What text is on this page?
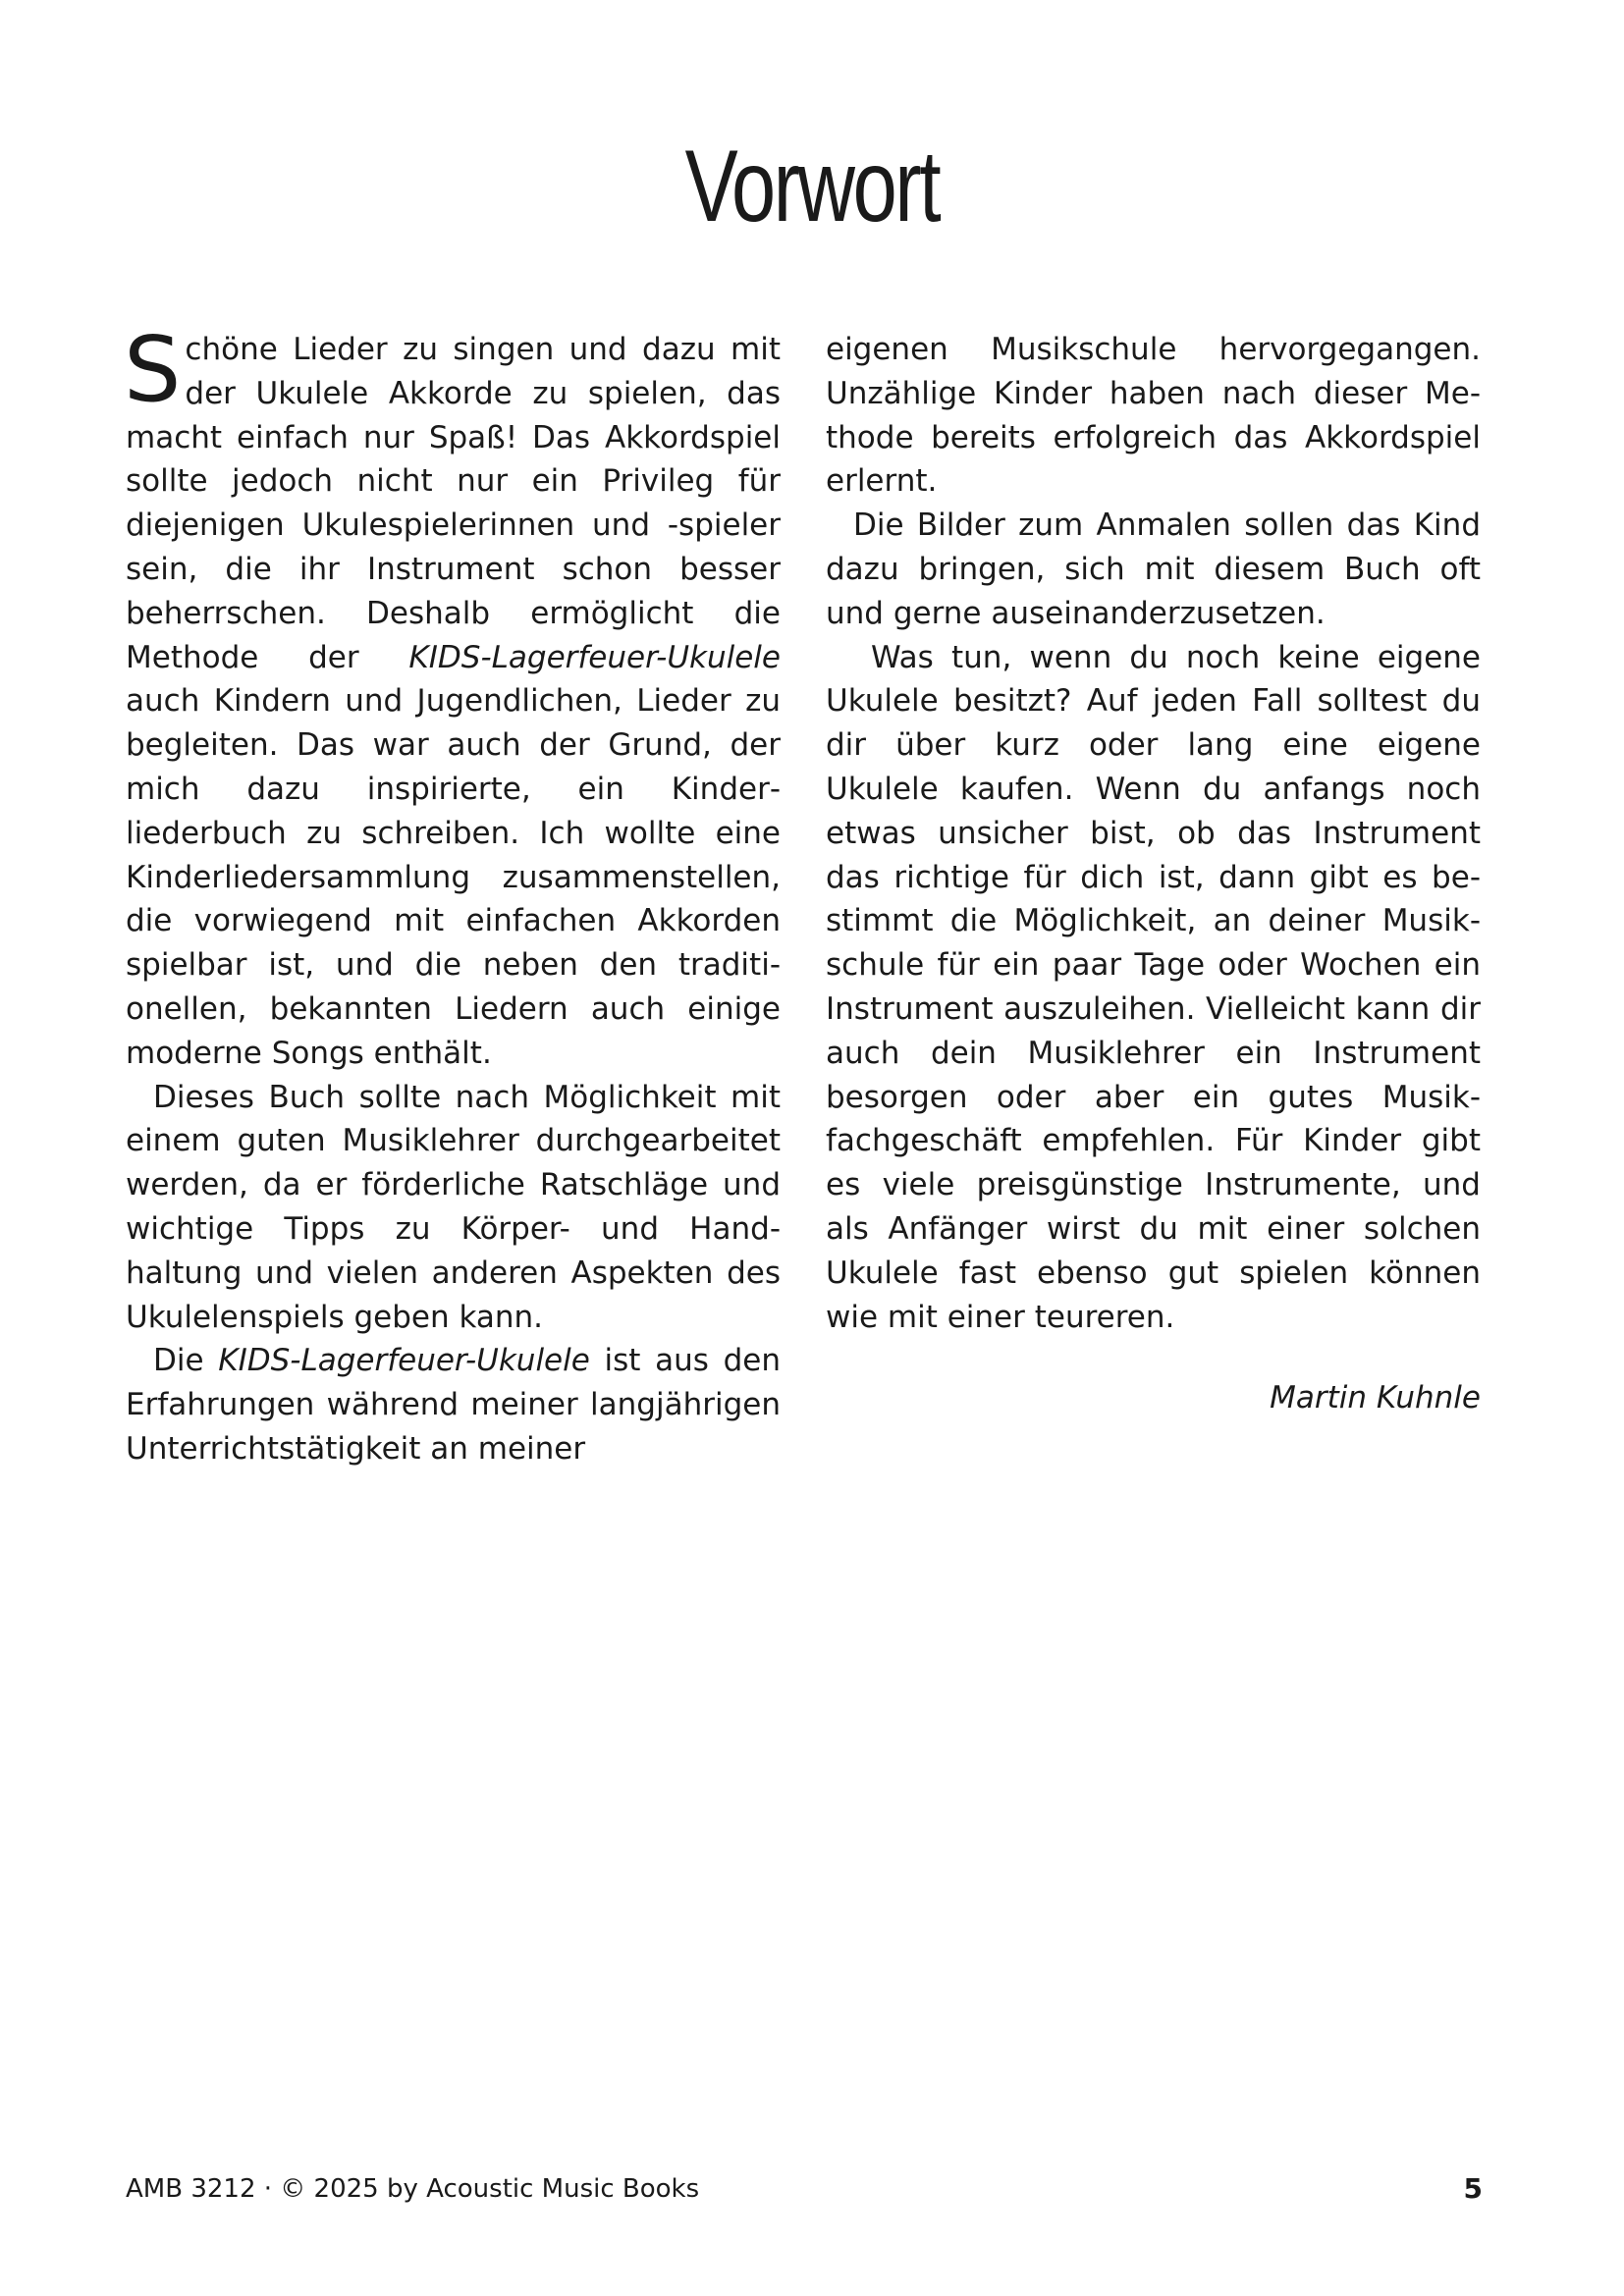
Vorwort

Schöne Lieder zu singen und dazu mit der Ukulele Akkorde zu spielen, das macht einfach nur Spaß! Das Akkordspiel sollte jedoch nicht nur ein Privileg für diejenigen Ukulespielerinnen und -spieler sein, die ihr Instrument schon besser beherrschen. Deshalb ermöglicht die Methode der KIDS-Lagerfeuer-Ukulele auch Kindern und Jugendlichen, Lieder zu begleiten. Das war auch der Grund, der mich dazu inspirierte, ein Kinderliederbuch zu schreiben. Ich wollte eine Kinderliedersammlung zusammenstellen, die vorwiegend mit einfachen Akkorden spielbar ist, und die neben den traditionellen, bekannten Liedern auch einige moderne Songs enthält.

Dieses Buch sollte nach Möglichkeit mit einem guten Musiklehrer durchgearbeitet werden, da er förderliche Ratschläge und wichtige Tipps zu Körper- und Handhaltung und vielen anderen Aspekten des Ukulelenspiels geben kann.

Die KIDS-Lagerfeuer-Ukulele ist aus den Erfahrungen während meiner langjährigen Unterrichtstätigkeit an meiner

eigenen Musikschule hervorgegangen. Unzählige Kinder haben nach dieser Methode bereits erfolgreich das Akkordspiel erlernt.

Die Bilder zum Anmalen sollen das Kind dazu bringen, sich mit diesem Buch oft und gerne auseinanderzusetzen.

Was tun, wenn du noch keine eigene Ukulele besitzt? Auf jeden Fall solltest du dir über kurz oder lang eine eigene Ukulele kaufen. Wenn du anfangs noch etwas unsicher bist, ob das Instrument das richtige für dich ist, dann gibt es bestimmt die Möglichkeit, an deiner Musikschule für ein paar Tage oder Wochen ein Instrument auszuleihen. Vielleicht kann dir auch dein Musiklehrer ein Instrument besorgen oder aber ein gutes Musikfachgeschäft empfehlen. Für Kinder gibt es viele preisgünstige Instrumente, und als Anfänger wirst du mit einer solchen Ukulele fast ebenso gut spielen können wie mit einer teureren.

Martin Kuhnle
AMB 3212 · © 2025 by Acoustic Music Books	5
